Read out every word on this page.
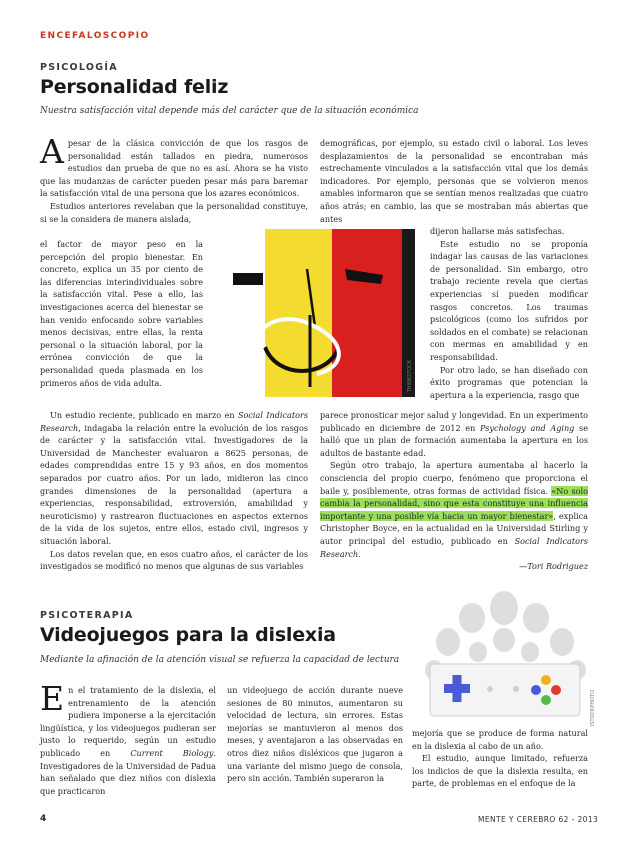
ENCEFALOSCOPIO
PSICOLOGÍA
Personalidad feliz
Nuestra satisfacción vital depende más del carácter que de la situación económica

Apesar de la clásica convicción de que los rasgos de personalidad están tallados en piedra, numerosos estudios dan prueba de que no es así. Ahora se ha visto que las mudanzas de carácter pueden pesar más para baremar la satisfacción vital de una persona que los azares económicos.

Estudios anteriores revelaban que la personalidad constituye, si se la considera de manera aislada,

el factor de mayor peso en la percepción del propio bienestar. En concreto, explica un 35 por ciento de las diferencias interindividuales sobre la satisfacción vital. Pese a ello, las investigaciones acerca del bienestar se han venido enfocando sobre variables menos decisivas, entre ellas, la renta personal o la situación laboral, por la errónea convicción de que la personalidad queda plasmada en los primeros años de vida adulta.

Un estudio reciente, publicado en marzo en Social Indicators Research, indagaba la relación entre la evolución de los rasgos de carácter y la satisfacción vital. Investigadores de la Universidad de Manchester evaluaron a 8625 personas, de edades comprendidas entre 15 y 93 años, en dos momentos separados por cuatro años. Por un lado, midieron las cinco grandes dimensiones de la personalidad (apertura a experiencias, responsabilidad, extroversión, amabilidad y neuroticismo) y rastrearon fluctuaciones en aspectos externos de la vida de los sujetos, entre ellos, estado civil, ingresos y situación laboral.

Los datos revelan que, en esos cuatro años, el carácter de los investigados se modificó no menos que algunas de sus variables

THINKSTOCK

demográficas, por ejemplo, su estado civil o laboral. Los leves desplazamientos de la personalidad se encontraban más estrechamente vinculados a la satisfacción vital que los demás indicadores. Por ejemplo, personas que se volvieron menos amables informaron que se sentían menos realizadas que cuatro años atrás; en cambio, las que se mostraban más abiertas que antes

dijeron hallarse más satisfechas.

Este estudio no se proponía indagar las causas de las variaciones de personalidad. Sin embargo, otro trabajo reciente revela que ciertas experiencias sí pueden modificar rasgos concretos. Los traumas psicológicos (como los sufridos por soldados en el combate) se relacionan con mermas en amabilidad y en responsabilidad.

Por otro lado, se han diseñado con éxito programas que potencian la apertura a la experiencia, rasgo que

parece pronosticar mejor salud y longevidad. En un experimento publicado en diciembre de 2012 en Psychology and Aging se halló que un plan de formación aumentaba la apertura en los adultos de bastante edad.

Según otro trabajo, la apertura aumentaba al hacerlo la consciencia del propio cuerpo, fenómeno que proporciona el baile y, posiblemente, otras formas de actividad física. «No solo cambia la personalidad, sino que esta constituye una influencia importante y una posible vía hacia un mayor bienestar», explica Christopher Boyce, en la actualidad en la Universidad Stirling y autor principal del estudio, publicado en Social Indicators Research.

—Tori Rodriguez
PSICOTERAPIA
Videojuegos para la dislexia
Mediante la afinación de la atención visual se refuerza la capacidad de lectura

En el tratamiento de la dislexia, el entrenamiento de la atención pudiera imponerse a la ejercitación lingüística, y los videojuegos pudieran ser justo lo requerido, según un estudio publicado en Current Biology. Investigadores de la Universidad de Padua han señalado que diez niños con dislexia que practicaron

un videojuego de acción durante nueve sesiones de 80 minutos, aumentaron su velocidad de lectura, sin errores. Estas mejorías se mantuvieron al menos dos meses, y aventajaron a las observadas en otros diez niños disléxicos que jugaron a una variante del mismo juego de consola, pero sin acción. También superaron la

mejoría que se produce de forma natural en la dislexia al cabo de un año.

El estudio, aunque limitado, refuerza los indicios de que la dislexia resulta, en parte, de problemas en el enfoque de la

ISTOCKPHOTO
4	MENTE Y CEREBRO 62 - 2013
